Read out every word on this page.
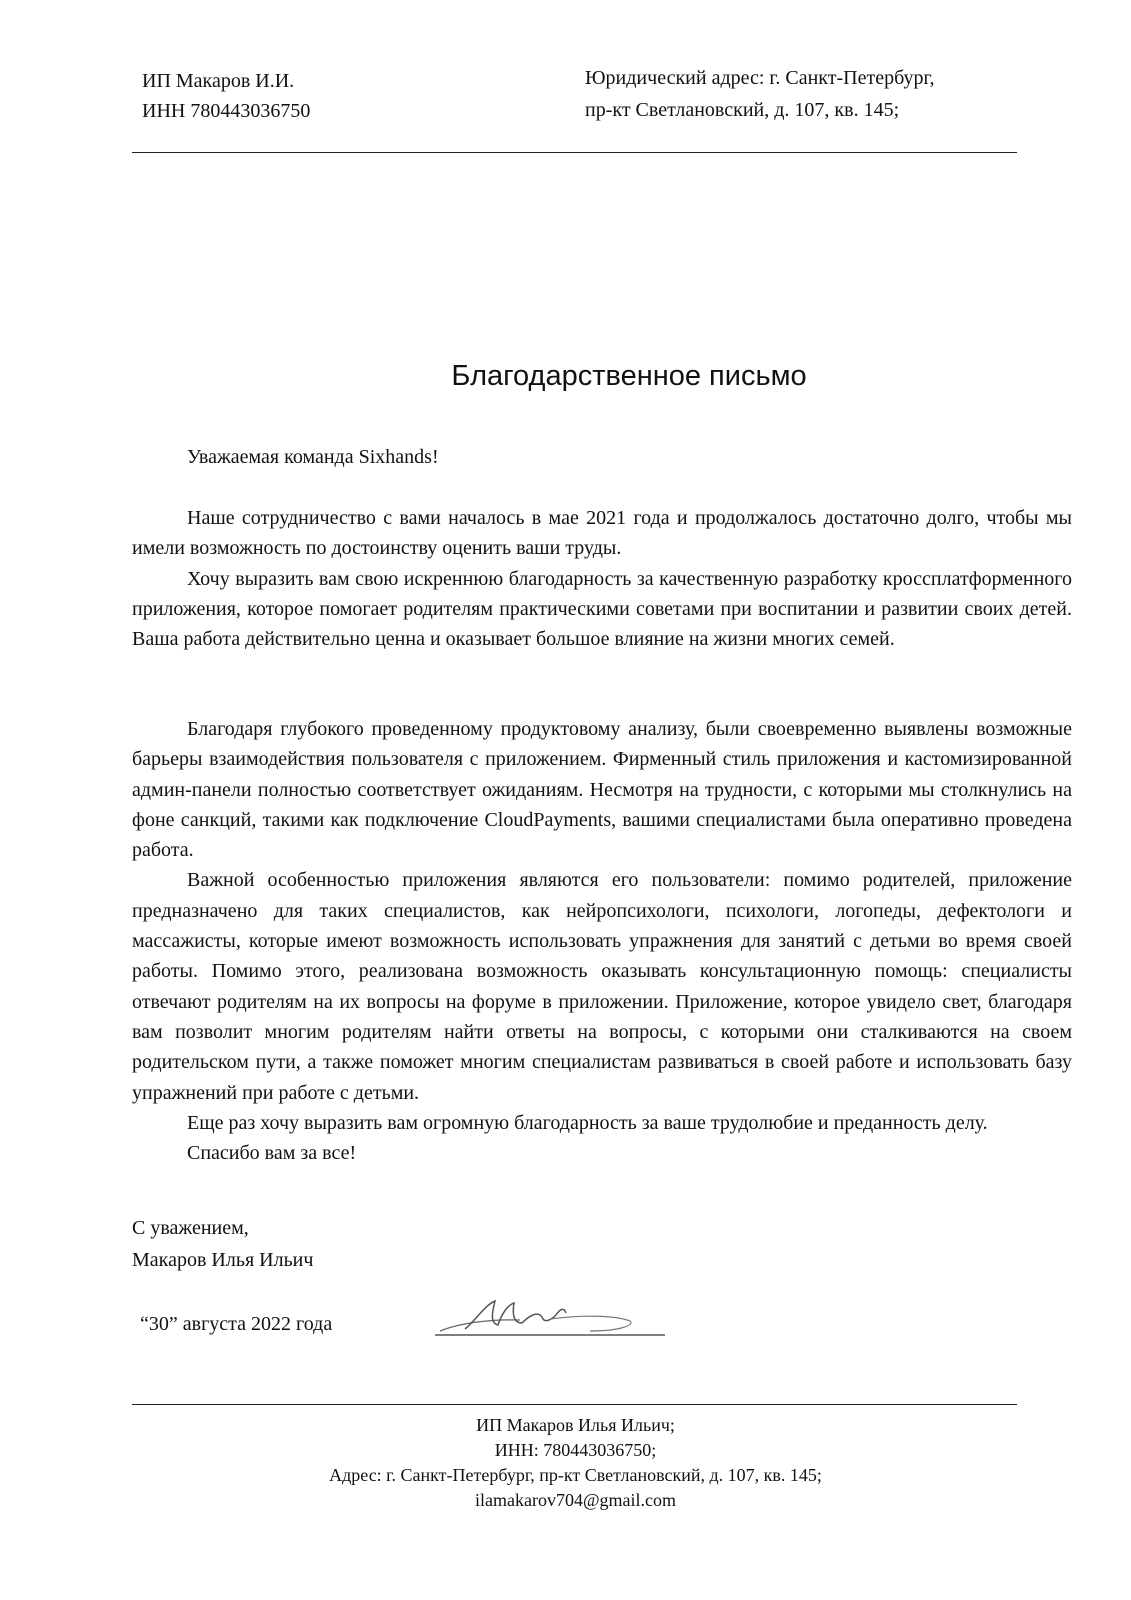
ИП Макаров И.И.
ИНН 780443036750
Юридический адрес: г. Санкт-Петербург,
пр-кт Светлановский, д. 107, кв. 145;
Благодарственное письмо
Уважаемая команда Sixhands!

Наше сотрудничество с вами началось в мае 2021 года и продолжалось достаточно долго, чтобы мы имели возможность по достоинству оценить ваши труды.

Хочу выразить вам свою искреннюю благодарность за качественную разработку кроссплатформенного приложения, которое помогает родителям практическими советами при воспитании и развитии своих детей. Ваша работа действительно ценна и оказывает большое влияние на жизни многих семей.

Благодаря глубокого проведенному продуктовому анализу, были своевременно выявлены возможные барьеры взаимодействия пользователя с приложением. Фирменный стиль приложения и кастомизированной админ-панели полностью соответствует ожиданиям. Несмотря на трудности, с которыми мы столкнулись на фоне санкций, такими как подключение CloudPayments, вашими специалистами была оперативно проведена работа.

Важной особенностью приложения являются его пользователи: помимо родителей, приложение предназначено для таких специалистов, как нейропсихологи, психологи, логопеды, дефектологи и массажисты, которые имеют возможность использовать упражнения для занятий с детьми во время своей работы. Помимо этого, реализована возможность оказывать консультационную помощь: специалисты отвечают родителям на их вопросы на форуме в приложении. Приложение, которое увидело свет, благодаря вам позволит многим родителям найти ответы на вопросы, с которыми они сталкиваются на своем родительском пути, а также поможет многим специалистам развиваться в своей работе и использовать базу упражнений при работе с детьми.

Еще раз хочу выразить вам огромную благодарность за ваше трудолюбие и преданность делу.

Спасибо вам за все!

С уважением,
Макаров Илья Ильич
“30” августа 2022 года
ИП Макаров Илья Ильич;
ИНН: 780443036750;
Адрес: г. Санкт-Петербург, пр-кт Светлановский, д. 107, кв. 145;
ilamakarov704@gmail.com
